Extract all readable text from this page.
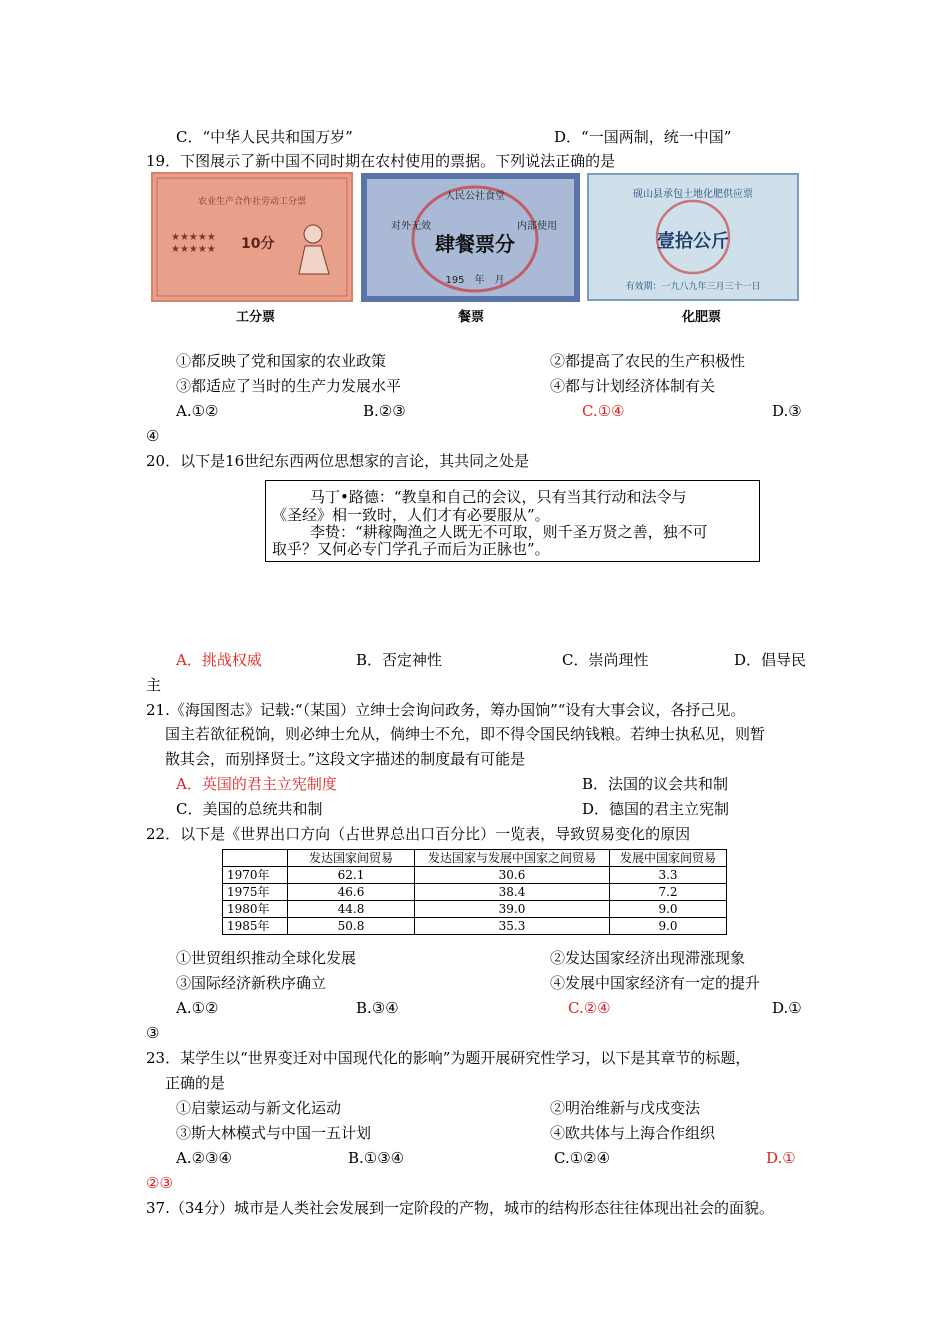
C．“中华人民共和国万岁”	D．“一国两制，统一中国”
19．下图展示了新中国不同时期在农村使用的票据。下列说法正确的是
农业生产合作社劳动工分票
★★★★★
★★★★★ 10分
工分票
人民公社食堂
对外无效	内部使用
肆餐票分
195　年　月
餐票
砚山县承包土地化肥供应票
壹拾公斤
有效期：一九八九年三月三十一日
化肥票
①都反映了党和国家的农业政策	②都提高了农民的生产积极性
③都适应了当时的生产力发展水平	④都与计划经济体制有关
A.①②	B.②③	C.①④	D.③
④
20．以下是16世纪东西两位思想家的言论，其共同之处是
马丁•路德：“教皇和自己的会议，只有当其行动和法令与
《圣经》相一致时，人们才有必要服从”。
李贽：“耕稼陶渔之人既无不可取，则千圣万贤之善，独不可
取乎？又何必专门学孔子而后为正脉也”。
A．挑战权威	B．否定神性	C．崇尚理性	D．倡导民
主
21.《海国图志》记载:“（某国）立绅士会询问政务，筹办国饷”“设有大事会议，各抒己见。
国主若欲征税饷，则必绅士允从，倘绅士不允，即不得令国民纳钱粮。若绅士执私见，则暂
散其会，而别择贤士。”这段文字描述的制度最有可能是
A．英国的君主立宪制度	B．法国的议会共和制
C．美国的总统共和制	D．德国的君主立宪制
22．以下是《世界出口方向（占世界总出口百分比）一览表，导致贸易变化的原因
	发达国家间贸易	发达国家与发展中国家之间贸易	发展中国家间贸易
1970年	62.1	30.6	3.3
1975年	46.6	38.4	7.2
1980年	44.8	39.0	9.0
1985年	50.8	35.3	9.0
①世贸组织推动全球化发展	②发达国家经济出现滞涨现象
③国际经济新秩序确立	④发展中国家经济有一定的提升
A.①②	B.③④	C.②④	D.①
③
23．某学生以“世界变迁对中国现代化的影响”为题开展研究性学习，以下是其章节的标题，
正确的是
①启蒙运动与新文化运动	②明治维新与戊戌变法
③斯大林模式与中国一五计划	④欧共体与上海合作组织
A.②③④	B.①③④	C.①②④	D.①
②③
37.（34分）城市是人类社会发展到一定阶段的产物，城市的结构形态往往体现出社会的面貌。
